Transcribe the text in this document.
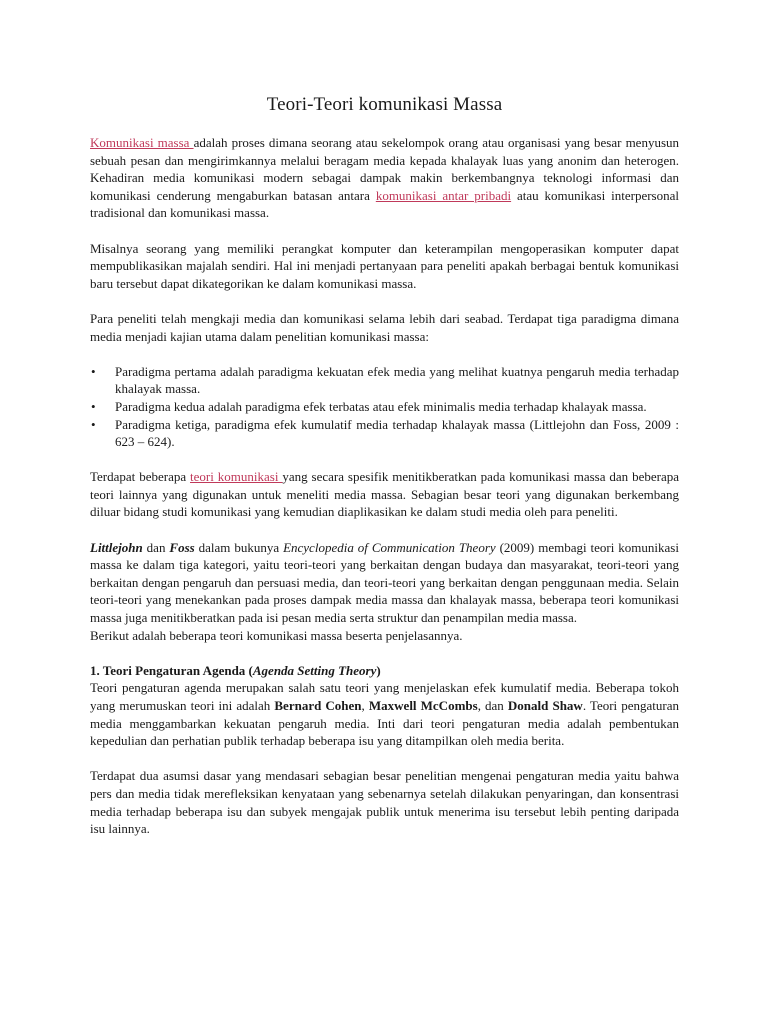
Teori-Teori komunikasi Massa

Komunikasi massa adalah proses dimana seorang atau sekelompok orang atau organisasi yang besar menyusun sebuah pesan dan mengirimkannya melalui beragam media kepada khalayak luas yang anonim dan heterogen. Kehadiran media komunikasi modern sebagai dampak makin berkembangnya teknologi informasi dan komunikasi cenderung mengaburkan batasan antara komunikasi antar pribadi atau komunikasi interpersonal tradisional dan komunikasi massa.

Misalnya seorang yang memiliki perangkat komputer dan keterampilan mengoperasikan komputer dapat mempublikasikan majalah sendiri. Hal ini menjadi pertanyaan para peneliti apakah berbagai bentuk komunikasi baru tersebut dapat dikategorikan ke dalam komunikasi massa.

Para peneliti telah mengkaji media dan komunikasi selama lebih dari seabad. Terdapat tiga paradigma dimana media menjadi kajian utama dalam penelitian komunikasi massa:

• Paradigma pertama adalah paradigma kekuatan efek media yang melihat kuatnya pengaruh media terhadap khalayak massa.
• Paradigma kedua adalah paradigma efek terbatas atau efek minimalis media terhadap khalayak massa.
• Paradigma ketiga, paradigma efek kumulatif media terhadap khalayak massa (Littlejohn dan Foss, 2009 : 623 – 624).

Terdapat beberapa teori komunikasi yang secara spesifik menitikberatkan pada komunikasi massa dan beberapa teori lainnya yang digunakan untuk meneliti media massa. Sebagian besar teori yang digunakan berkembang diluar bidang studi komunikasi yang kemudian diaplikasikan ke dalam studi media oleh para peneliti.

Littlejohn dan Foss dalam bukunya Encyclopedia of Communication Theory (2009) membagi teori komunikasi massa ke dalam tiga kategori, yaitu teori-teori yang berkaitan dengan budaya dan masyarakat, teori-teori yang berkaitan dengan pengaruh dan persuasi media, dan teori-teori yang berkaitan dengan penggunaan media. Selain teori-teori yang menekankan pada proses dampak media massa dan khalayak massa, beberapa teori komunikasi massa juga menitikberatkan pada isi pesan media serta struktur dan penampilan media massa.

Berikut adalah beberapa teori komunikasi massa beserta penjelasannya.

1. Teori Pengaturan Agenda (Agenda Setting Theory)

Teori pengaturan agenda merupakan salah satu teori yang menjelaskan efek kumulatif media. Beberapa tokoh yang merumuskan teori ini adalah Bernard Cohen, Maxwell McCombs, dan Donald Shaw. Teori pengaturan media menggambarkan kekuatan pengaruh media. Inti dari teori pengaturan media adalah pembentukan kepedulian dan perhatian publik terhadap beberapa isu yang ditampilkan oleh media berita.

Terdapat dua asumsi dasar yang mendasari sebagian besar penelitian mengenai pengaturan media yaitu bahwa pers dan media tidak merefleksikan kenyataan yang sebenarnya setelah dilakukan penyaringan, dan konsentrasi media terhadap beberapa isu dan subyek mengajak publik untuk menerima isu tersebut lebih penting daripada isu lainnya.
